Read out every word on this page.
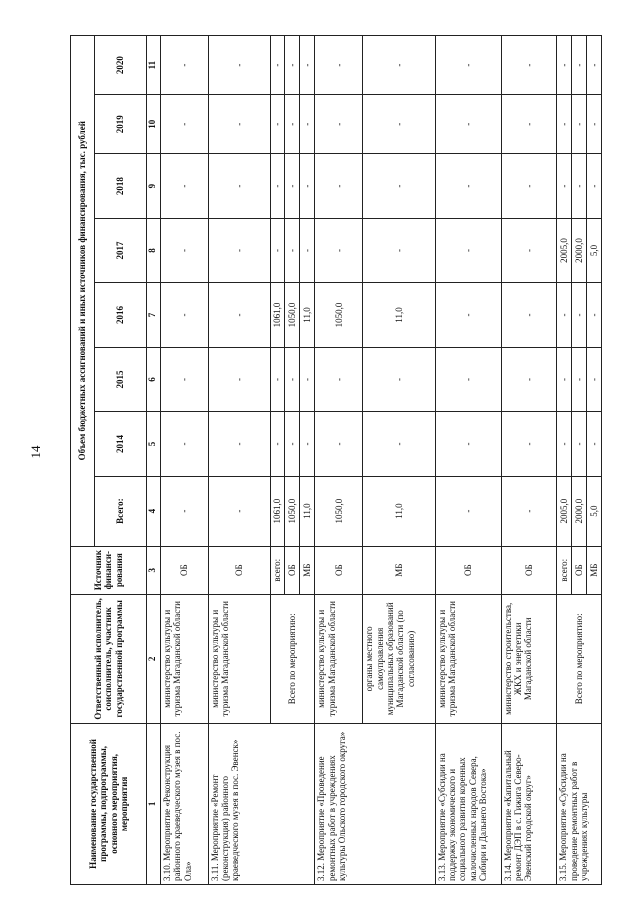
14
Наименование государственной программы, подпрограммы, основного мероприятия, мероприятия	Ответственный исполнитель, соисполнитель, участник государственной программы	Источник финанси-рования	Объем бюджетных ассигнований и иных источников финансирования, тыс. рублей							
			Всего:	2014	2015	2016	2017	2018	2019	2020
1	2	3	4	5	6	7	8	9	10	11
3.10. Мероприятие «Реконструкция районного краеведческого музея в пос. Ола»	министерство культуры и туризма Магаданской области	ОБ	-	-	-	-	-	-	-	-
3.11. Мероприятие «Ремонт (реконструкция) районного краеведческого музея в пос. Эвенск»	министерство культуры и туризма Магаданской области	ОБ	-	-	-	-	-	-	-	-
	Всего по мероприятию:	всего:	1061,0	-	-	1061,0	-	-	-	-
		ОБ	1050,0	-	-	1050,0	-	-	-	-
		МБ	11,0	-	-	11,0	-	-	-	-
3.12. Мероприятие «Проведение ремонтных работ в учреждениях культуры Ольского городского округа»	министерство культуры и туризма Магаданской области	ОБ	1050,0	-	-	1050,0	-	-	-	-
	органы местного самоуправления муниципальных образований Магаданской области (по согласованию)	МБ	11,0	-	-	11,0	-	-	-	-
3.13. Мероприятие «Субсидии на поддержку экономического и социального развития коренных малочисленных народов Севера, Сибири и Дальнего Востока»	министерство культуры и туризма Магаданской области	ОБ	-	-	-	-	-	-	-	-
3.14. Мероприятие «Капитальный ремонт ДЭП в с. Гижига Северо-Эвенский городской округ»	министерство строительства, ЖКХ и энергетики Магаданской области	ОБ	-	-	-	-	-	-	-	-
3.15. Мероприятие «Субсидии на проведение ремонтных работ в учреждениях культуры	Всего по мероприятию:	всего:	2005,0	-	-	-	2005,0	-	-	-
		ОБ	2000,0	-	-	-	2000,0	-	-	-
		МБ	5,0	-	-	-	5,0	-	-	-
